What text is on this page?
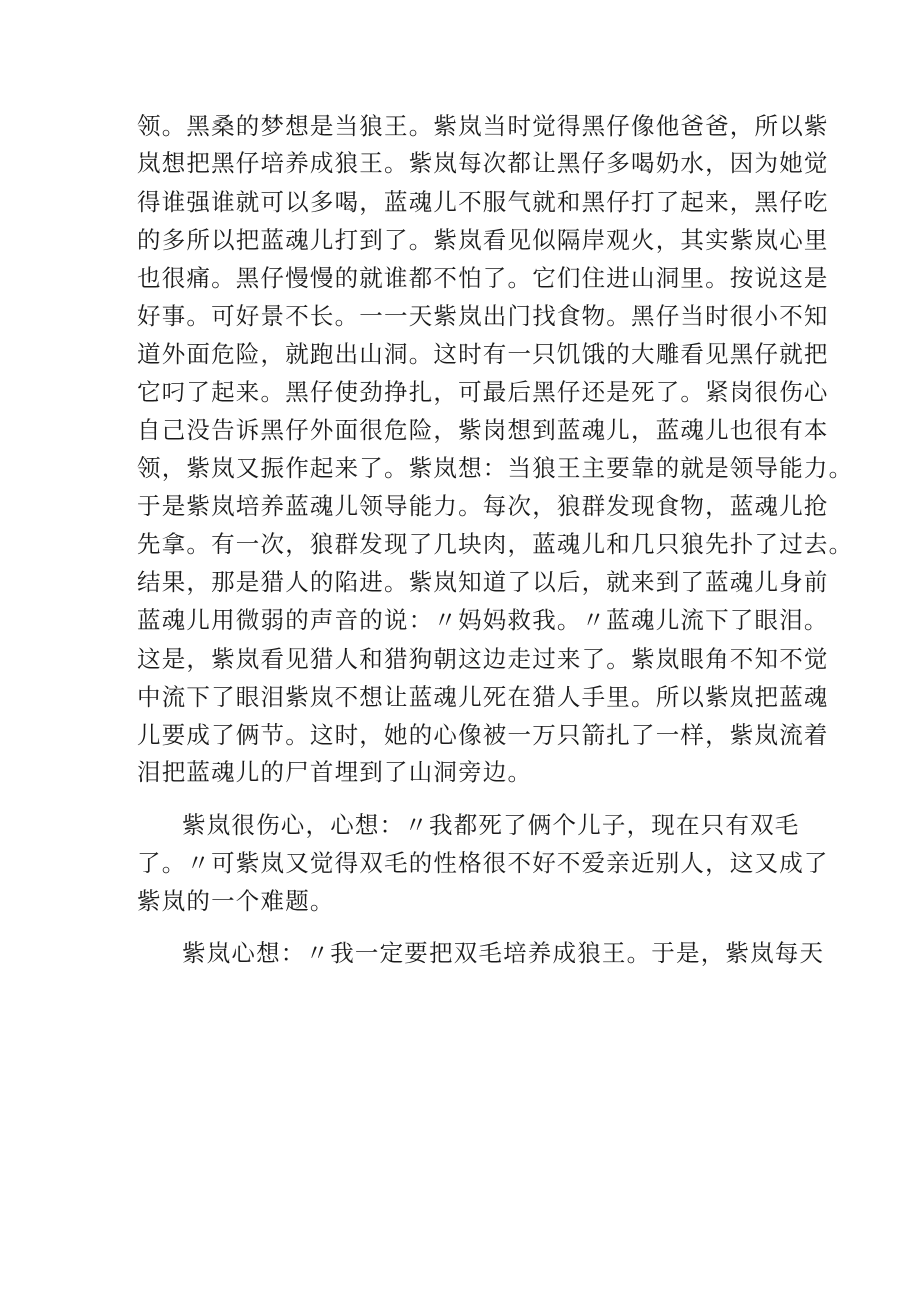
领。黑桑的梦想是当狼王。紫岚当时觉得黑仔像他爸爸，所以紫
岚想把黑仔培养成狼王。紫岚每次都让黑仔多喝奶水，因为她觉
得谁强谁就可以多喝，蓝魂儿不服气就和黑仔打了起来，黑仔吃
的多所以把蓝魂儿打到了。紫岚看见似隔岸观火，其实紫岚心里
也很痛。黑仔慢慢的就谁都不怕了。它们住进山洞里。按说这是
好事。可好景不长。一一天紫岚出门找食物。黑仔当时很小不知
道外面危险，就跑出山洞。这时有一只饥饿的大雕看见黑仔就把
它叼了起来。黑仔使劲挣扎，可最后黑仔还是死了。紧岗很伤心
自己没告诉黑仔外面很危险，紫岗想到蓝魂儿，蓝魂儿也很有本
领，紫岚又振作起来了。紫岚想：当狼王主要靠的就是领导能力。
于是紫岚培养蓝魂儿领导能力。每次，狼群发现食物，蓝魂儿抢
先拿。有一次，狼群发现了几块肉，蓝魂儿和几只狼先扑了过去。
结果，那是猎人的陷进。紫岚知道了以后，就来到了蓝魂儿身前
蓝魂儿用微弱的声音的说：〃妈妈救我。〃蓝魂儿流下了眼泪。
这是，紫岚看见猎人和猎狗朝这边走过来了。紫岚眼角不知不觉
中流下了眼泪紫岚不想让蓝魂儿死在猎人手里。所以紫岚把蓝魂
儿要成了俩节。这时，她的心像被一万只箭扎了一样，紫岚流着
泪把蓝魂儿的尸首埋到了山洞旁边。
紫岚很伤心，心想：〃我都死了俩个儿子，现在只有双毛
了。〃可紫岚又觉得双毛的性格很不好不爱亲近别人，这又成了
紫岚的一个难题。
紫岚心想：〃我一定要把双毛培养成狼王。于是，紫岚每天
